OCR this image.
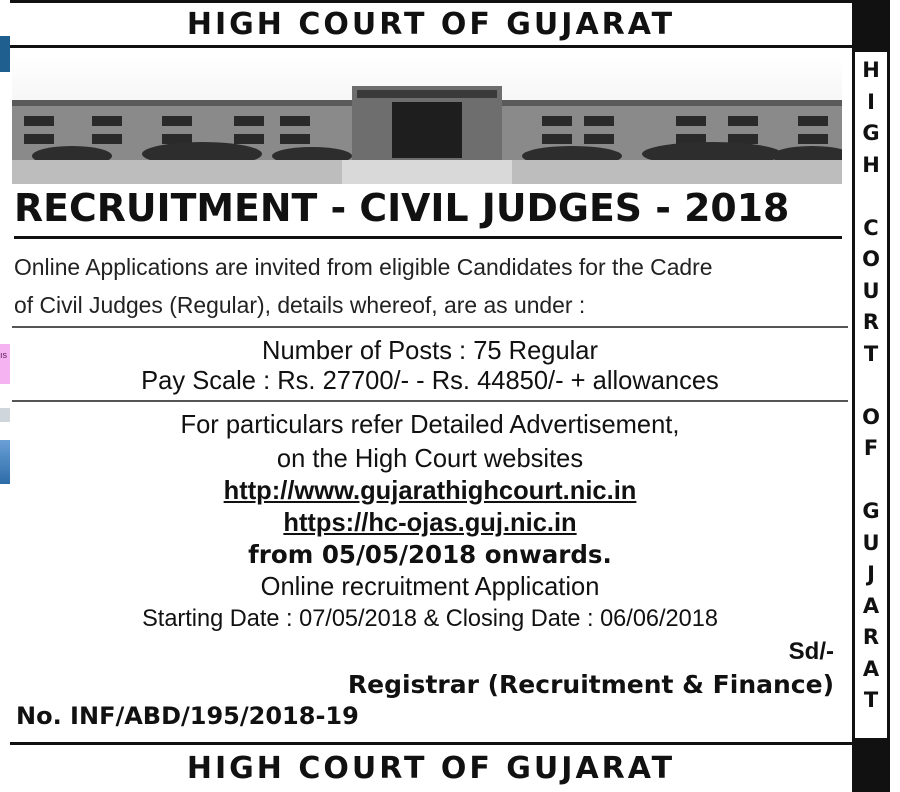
ıs
HIGH COURT OF GUJARAT
H
I
G
H
C
O
U
R
T
O
F
G
U
J
A
R
A
T
RECRUITMENT - CIVIL JUDGES - 2018
Online Applications are invited from eligible Candidates for the Cadre
of Civil Judges (Regular), details whereof, are as under :
Number of Posts : 75 Regular
Pay Scale : Rs. 27700/- - Rs. 44850/- + allowances
For particulars refer Detailed Advertisement,
on the High Court websites
http://www.gujarathighcourt.nic.in
https://hc-ojas.guj.nic.in
from 05/05/2018 onwards.
Online recruitment Application
Starting Date : 07/05/2018 & Closing Date : 06/06/2018
Sd/-
Registrar (Recruitment & Finance)
No. INF/ABD/195/2018-19
HIGH COURT OF GUJARAT
